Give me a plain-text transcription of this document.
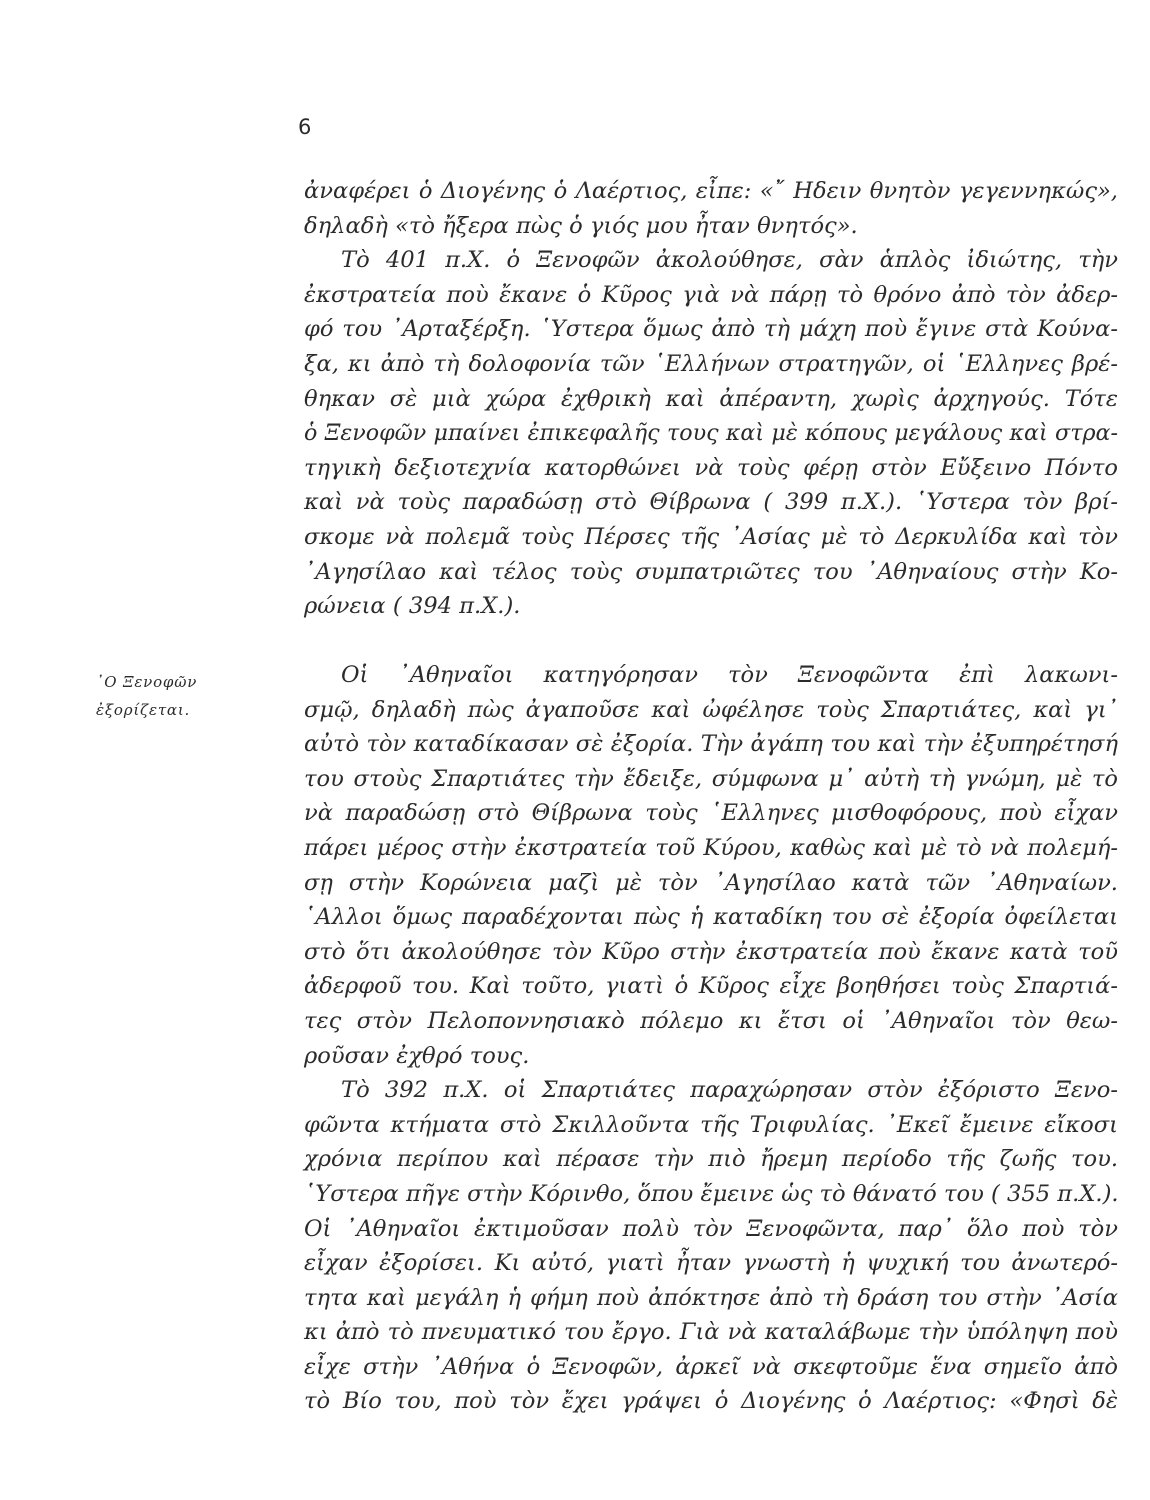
6
ἀναφέρει ὁ Διογένης ὁ Λαέρτιος, εἶπε: «῎ Ηδειν θνητὸν γεγεννηκώς»,
δηλαδὴ «τὸ ἤξερα πὼς ὁ γιός μου ἦταν θνητός».
Τὸ 401 π.Χ. ὁ Ξενοφῶν ἀκολούθησε, σὰν ἁπλὸς ἰδιώτης, τὴν
ἐκστρατεία ποὺ ἔκανε ὁ Κῦρος γιὰ νὰ πάρῃ τὸ θρόνο ἀπὸ τὸν ἀδερ-
φό του ᾽Αρταξέρξη. ῾Υστερα ὅμως ἀπὸ τὴ μάχη ποὺ ἔγινε στὰ Κούνα-
ξα, κι ἀπὸ τὴ δολοφονία τῶν ῾Ελλήνων στρατηγῶν, οἱ ῾Ελληνες βρέ-
θηκαν σὲ μιὰ χώρα ἐχθρικὴ καὶ ἀπέραντη, χωρὶς ἀρχηγούς. Τότε
ὁ Ξενοφῶν μπαίνει ἐπικεφαλῆς τους καὶ μὲ κόπους μεγάλους καὶ στρα-
τηγικὴ δεξιοτεχνία κατορθώνει νὰ τοὺς φέρῃ στὸν Εὔξεινο Πόντο
καὶ νὰ τοὺς παραδώσῃ στὸ Θίβρωνα ( 399 π.Χ.). ῾Υστερα τὸν βρί-
σκομε νὰ πολεμᾶ τοὺς Πέρσες τῆς ᾽Ασίας μὲ τὸ Δερκυλίδα καὶ τὸν
᾽Αγησίλαο καὶ τέλος τοὺς συμπατριῶτες του ᾽Αθηναίους στὴν Κο-
ρώνεια ( 394 π.Χ.).
᾿Ο Ξενοφῶν
ἐξορίζεται.
Οἱ ᾽Αθηναῖοι κατηγόρησαν τὸν Ξενοφῶντα ἐπὶ λακωνι-
σμῷ, δηλαδὴ πὼς ἀγαποῦσε καὶ ὠφέλησε τοὺς Σπαρτιάτες, καὶ γι᾽
αὐτὸ τὸν καταδίκασαν σὲ ἐξορία. Τὴν ἀγάπη του καὶ τὴν ἐξυπηρέτησή
του στοὺς Σπαρτιάτες τὴν ἔδειξε, σύμφωνα μ᾽ αὐτὴ τὴ γνώμη, μὲ τὸ
νὰ παραδώσῃ στὸ Θίβρωνα τοὺς ῾Ελληνες μισθοφόρους, ποὺ εἶχαν
πάρει μέρος στὴν ἐκστρατεία τοῦ Κύρου, καθὼς καὶ μὲ τὸ νὰ πολεμή-
σῃ στὴν Κορώνεια μαζὶ μὲ τὸν ᾽Αγησίλαο κατὰ τῶν ᾽Αθηναίων.
῾Αλλοι ὅμως παραδέχονται πὼς ἡ καταδίκη του σὲ ἐξορία ὀφείλεται
στὸ ὅτι ἀκολούθησε τὸν Κῦρο στὴν ἐκστρατεία ποὺ ἔκανε κατὰ τοῦ
ἀδερφοῦ του. Καὶ τοῦτο, γιατὶ ὁ Κῦρος εἶχε βοηθήσει τοὺς Σπαρτιά-
τες στὸν Πελοποννησιακὸ πόλεμο κι ἔτσι οἱ ᾽Αθηναῖοι τὸν θεω-
ροῦσαν ἐχθρό τους.
Τὸ 392 π.Χ. οἱ Σπαρτιάτες παραχώρησαν στὸν ἐξόριστο Ξενο-
φῶντα κτήματα στὸ Σκιλλοῦντα τῆς Τριφυλίας. ᾽Εκεῖ ἔμεινε εἴκοσι
χρόνια περίπου καὶ πέρασε τὴν πιὸ ἤρεμη περίοδο τῆς ζωῆς του.
῾Υστερα πῆγε στὴν Κόρινθο, ὅπου ἔμεινε ὡς τὸ θάνατό του ( 355 π.Χ.).
Οἱ ᾽Αθηναῖοι ἐκτιμοῦσαν πολὺ τὸν Ξενοφῶντα, παρ᾽ ὅλο ποὺ τὸν
εἶχαν ἐξορίσει. Κι αὐτό, γιατὶ ἦταν γνωστὴ ἡ ψυχική του ἀνωτερό-
τητα καὶ μεγάλη ἡ φήμη ποὺ ἀπόκτησε ἀπὸ τὴ δράση του στὴν ᾽Ασία
κι ἀπὸ τὸ πνευματικό του ἔργο. Γιὰ νὰ καταλάβωμε τὴν ὑπόληψη ποὺ
εἶχε στὴν ᾽Αθήνα ὁ Ξενοφῶν, ἀρκεῖ νὰ σκεφτοῦμε ἕνα σημεῖο ἀπὸ
τὸ Βίο του, ποὺ τὸν ἔχει γράψει ὁ Διογένης ὁ Λαέρτιος: «Φησὶ δὲ
